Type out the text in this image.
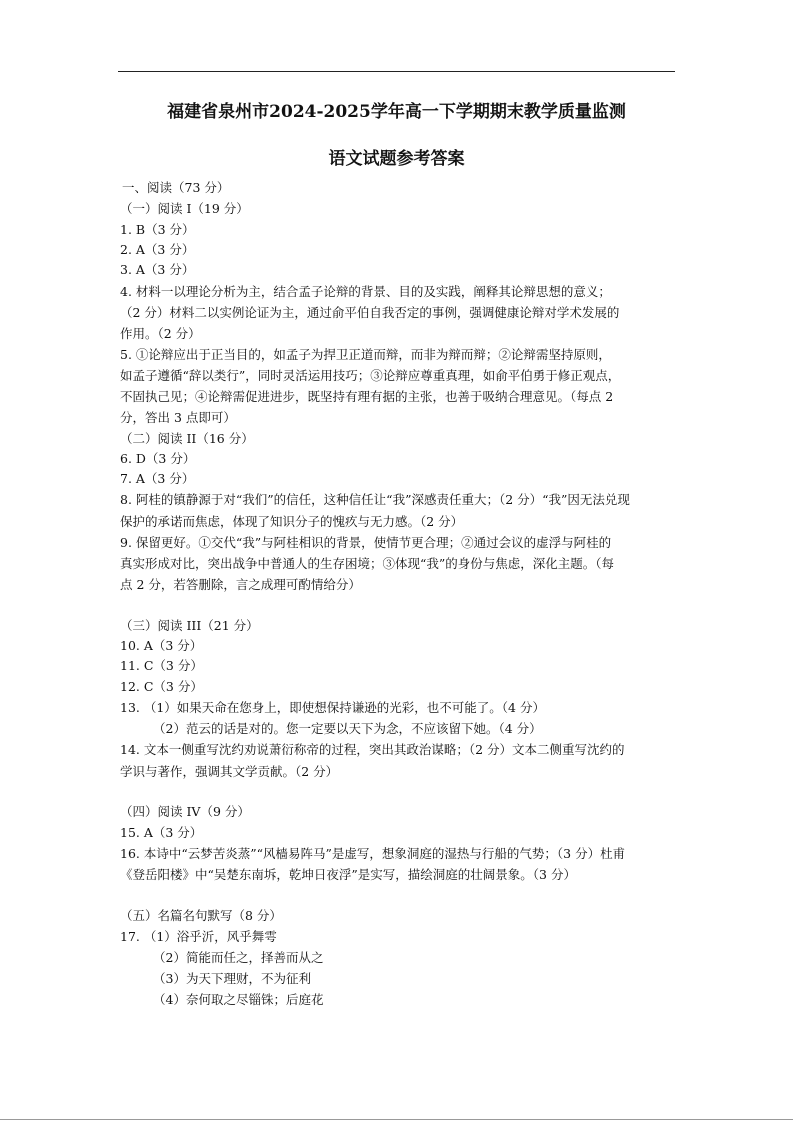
福建省泉州市2024-2025学年高一下学期期末教学质量监测
语文试题参考答案
一、阅读（73 分）
（一）阅读 I（19 分）
1. B（3 分）
2. A（3 分）
3. A（3 分）
4. 材料一以理论分析为主，结合孟子论辩的背景、目的及实践，阐释其论辩思想的意义；
（2 分）材料二以实例论证为主，通过俞平伯自我否定的事例，强调健康论辩对学术发展的
作用。（2 分）
5. ①论辩应出于正当目的，如孟子为捍卫正道而辩，而非为辩而辩；②论辩需坚持原则，
如孟子遵循“辞以类行”，同时灵活运用技巧；③论辩应尊重真理，如俞平伯勇于修正观点，
不固执己见；④论辩需促进进步，既坚持有理有据的主张，也善于吸纳合理意见。（每点 2
分，答出 3 点即可）
（二）阅读 II（16 分）
6. D（3 分）
7. A（3 分）
8. 阿桂的镇静源于对“我们”的信任，这种信任让“我”深感责任重大；（2 分）“我”因无法兑现
保护的承诺而焦虑，体现了知识分子的愧疚与无力感。（2 分）
9. 保留更好。①交代“我”与阿桂相识的背景，使情节更合理；②通过会议的虚浮与阿桂的
真实形成对比，突出战争中普通人的生存困境；③体现“我”的身份与焦虑，深化主题。（每
点 2 分，若答删除，言之成理可酌情给分）
（三）阅读 III（21 分）
10. A（3 分）
11. C（3 分）
12. C（3 分）
13. （1）如果天命在您身上，即使想保持谦逊的光彩，也不可能了。（4 分）
（2）范云的话是对的。您一定要以天下为念，不应该留下她。（4 分）
14. 文本一侧重写沈约劝说萧衍称帝的过程，突出其政治谋略；（2 分）文本二侧重写沈约的
学识与著作，强调其文学贡献。（2 分）
（四）阅读 IV（9 分）
15. A（3 分）
16. 本诗中“云梦苦炎蒸”“风樯易阵马”是虚写，想象洞庭的湿热与行船的气势；（3 分）杜甫
《登岳阳楼》中“吴楚东南坼，乾坤日夜浮”是实写，描绘洞庭的壮阔景象。（3 分）
（五）名篇名句默写（8 分）
17. （1）浴乎沂，风乎舞雩
（2）简能而任之，择善而从之
（3）为天下理财，不为征利
（4）奈何取之尽锱铢；后庭花
